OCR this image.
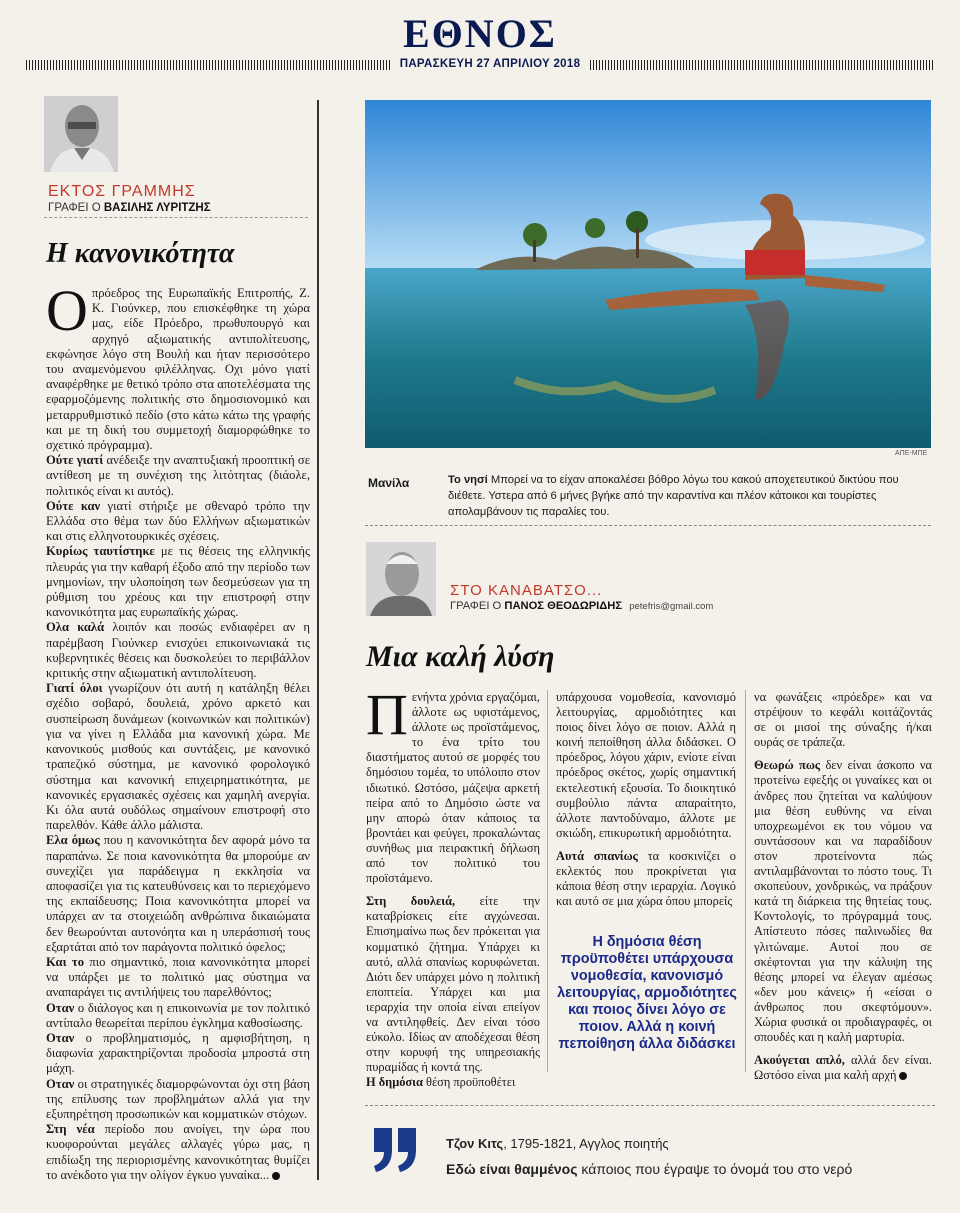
ΕΘΝΟΣ
ΠΑΡΑΣΚΕΥΗ 27 ΑΠΡΙΛΙΟΥ 2018
ΕΚΤΟΣ ΓΡΑΜΜΗΣ
ΓΡΑΦΕΙ Ο ΒΑΣΙΛΗΣ ΛΥΡΙΤΖΗΣ
Η κανονικότητα

Οπρόεδρος της Ευρωπαϊκής Επιτροπής, Ζ. Κ. Γιούνκερ, που επισκέφθηκε τη χώρα μας, είδε Πρόεδρο, πρωθυπουργό και αρχηγό αξιωματικής αντιπολίτευσης, εκφώνησε λόγο στη Βουλή και ήταν περισσότερο του αναμενόμενου φιλέλληνας. Οχι μόνο γιατί αναφέρθηκε με θετικό τρόπο στα αποτελέσματα της εφαρμοζόμενης πολιτικής στο δημοσιονομικό και μεταρρυθμιστικό πεδίο (στο κάτω κάτω της γραφής και με τη δική του συμμετοχή διαμορφώθηκε το σχετικό πρόγραμμα).

Ούτε γιατί ανέδειξε την αναπτυξιακή προοπτική σε αντίθεση με τη συνέχιση της λιτότητας (διάολε, πολιτικός είναι κι αυτός).

Ούτε καν γιατί στήριξε με σθεναρό τρόπο την Ελλάδα στο θέμα των δύο Ελλήνων αξιωματικών και στις ελληνοτουρκικές σχέσεις.

Κυρίως ταυτίστηκε με τις θέσεις της ελληνικής πλευράς για την καθαρή έξοδο από την περίοδο των μνημονίων, την υλοποίηση των δεσμεύσεων για τη ρύθμιση του χρέους και την επιστροφή στην κανονικότητα μας ευρωπαϊκής χώρας.

Ολα καλά λοιπόν και ποσώς ενδιαφέρει αν η παρέμβαση Γιούνκερ ενισχύει επικοινωνιακά τις κυβερνητικές θέσεις και δυσκολεύει το περιβάλλον κριτικής στην αξιωματική αντιπολίτευση.

Γιατί όλοι γνωρίζουν ότι αυτή η κατάληξη θέλει σχέδιο σοβαρό, δουλειά, χρόνο αρκετό και συσπείρωση δυνάμεων (κοινωνικών και πολιτικών) για να γίνει η Ελλάδα μια κανονική χώρα. Με κανονικούς μισθούς και συντάξεις, με κανονικό τραπεζικό σύστημα, με κανονικό φορολογικό σύστημα και κανονική επιχειρηματικότητα, με κανονικές εργασιακές σχέσεις και χαμηλή ανεργία. Κι όλα αυτά ουδόλως σημαίνουν επιστροφή στο παρελθόν. Κάθε άλλο μάλιστα.

Ελα όμως που η κανονικότητα δεν αφορά μόνο τα παραπάνω. Σε ποια κανονικότητα θα μπορούμε αν συνεχίζει για παράδειγμα η εκκλησία να αποφασίζει για τις κατευθύνσεις και το περιεχόμενο της εκπαίδευσης; Ποια κανονικότητα μπορεί να υπάρχει αν τα στοιχειώδη ανθρώπινα δικαιώματα δεν θεωρούνται αυτονόητα και η υπεράσπισή τους εξαρτάται από τον παράγοντα πολιτικό όφελος;

Και το πιο σημαντικό, ποια κανονικότητα μπορεί να υπάρξει με το πολιτικό μας σύστημα να αναπαράγει τις αντιλήψεις του παρελθόντος;

Οταν ο διάλογος και η επικοινωνία με τον πολιτικό αντίπαλο θεωρείται περίπου έγκλημα καθοσίωσης.

Οταν ο προβληματισμός, η αμφισβήτηση, η διαφωνία χαρακτηρίζονται προδοσία μπροστά στη μάχη.

Οταν οι στρατηγικές διαμορφώνονται όχι στη βάση της επίλυσης των προβλημάτων αλλά για την εξυπηρέτηση προσωπικών και κομματικών στόχων.

Στη νέα περίοδο που ανοίγει, την ώρα που κυοφορούνται μεγάλες αλλαγές γύρω μας, η επιδίωξη της περιορισμένης κανονικότητας θυμίζει το ανέκδοτο για την ολίγον έγκυο γυναίκα...

ΑΠΕ-ΜΠΕ
Μανίλα	Το νησί Μπορεί να το είχαν αποκαλέσει βόθρο λόγω του κακού αποχετευτικού δικτύου που διέθετε. Υστερα από 6 μήνες βγήκε από την καραντίνα και πλέον κάτοικοι και τουρίστες απολαμβάνουν τις παραλίες του.
ΣΤΟ ΚΑΝΑΒΑΤΣΟ...
ΓΡΑΦΕΙ Ο ΠΑΝΟΣ ΘΕΟΔΩΡΙΔΗΣ petefris@gmail.com
Μια καλή λύση

Πενήντα χρόνια εργαζόμαι, άλλοτε ως υφιστάμενος, άλλοτε ως προϊστάμενος, το ένα τρίτο του διαστήματος αυτού σε μορφές του δημόσιου τομέα, το υπόλοιπο στον ιδιωτικό. Ωστόσο, μάζεψα αρκετή πείρα από το Δημόσιο ώστε να μην απορώ όταν κάποιος τα βροντάει και φεύγει, προκαλώντας συνήθως μια πειρακτική δήλωση από τον πολιτικό του προϊστάμενο.

Στη δουλειά, είτε την καταβρίσκεις είτε αγχώνεσαι. Επισημαίνω πως δεν πρόκειται για κομματικό ζήτημα. Υπάρχει κι αυτό, αλλά σπανίως κορυφώνεται. Διότι δεν υπάρχει μόνο η πολιτική εποπτεία. Υπάρχει και μια ιεραρχία την οποία είναι επείγον να αντιληφθείς. Δεν είναι τόσο εύκολο. Ιδίως αν αποδέχεσαι θέση στην κορυφή της υπηρεσιακής πυραμίδας ή κοντά της.

Η δημόσια θέση προϋποθέτει

υπάρχουσα νομοθεσία, κανονισμό λειτουργίας, αρμοδιότητες και ποιος δίνει λόγο σε ποιον. Αλλά η κοινή πεποίθηση άλλα διδάσκει. Ο πρόεδρος, λόγου χάριν, ενίοτε είναι πρόεδρος σκέτος, χωρίς σημαντική εκτελεστική εξουσία. Το διοικητικό συμβούλιο πάντα απαραίτητο, άλλοτε παντοδύναμο, άλλοτε με σκιώδη, επικυρωτική αρμοδιότητα.

Αυτά σπανίως τα κοσκινίζει ο εκλεκτός που προκρίνεται για κάποια θέση στην ιεραρχία. Λογικό και αυτό σε μια χώρα όπου μπορείς

Η δημόσια θέση προϋποθέτει υπάρχουσα νομοθεσία, κανονισμό λειτουργίας, αρμοδιότητες και ποιος δίνει λόγο σε ποιον. Αλλά η κοινή πεποίθηση άλλα διδάσκει

να φωνάξεις «πρόεδρε» και να στρέψουν το κεφάλι κοιτάζοντάς σε οι μισοί της σύναξης ή/και ουράς σε τράπεζα.

Θεωρώ πως δεν είναι άσκοπο να προτείνω εφεξής οι γυναίκες και οι άνδρες που ζητείται να καλύψουν μια θέση ευθύνης να είναι υποχρεωμένοι εκ του νόμου να συντάσσουν και να παραδίδουν στον προτείνοντα πώς αντιλαμβάνονται το πόστο τους. Τι σκοπεύουν, χονδρικώς, να πράξουν κατά τη διάρκεια της θητείας τους. Κοντολογίς, το πρόγραμμά τους. Απίστευτο πόσες παλινωδίες θα γλιτώναμε. Αυτοί που σε σκέφτονται για την κάλυψη της θέσης μπορεί να έλεγαν αμέσως «δεν μου κάνεις» ή «είσαι ο άνθρωπος που σκεφτόμουν». Χώρια φυσικά οι προδιαγραφές, οι σπουδές και η καλή μαρτυρία.

Ακούγεται απλό, αλλά δεν είναι. Ωστόσο είναι μια καλή αρχή

Τζον Κιτς, 1795-1821, Αγγλος ποιητής
Εδώ είναι θαμμένος κάποιος που έγραψε το όνομά του στο νερό
